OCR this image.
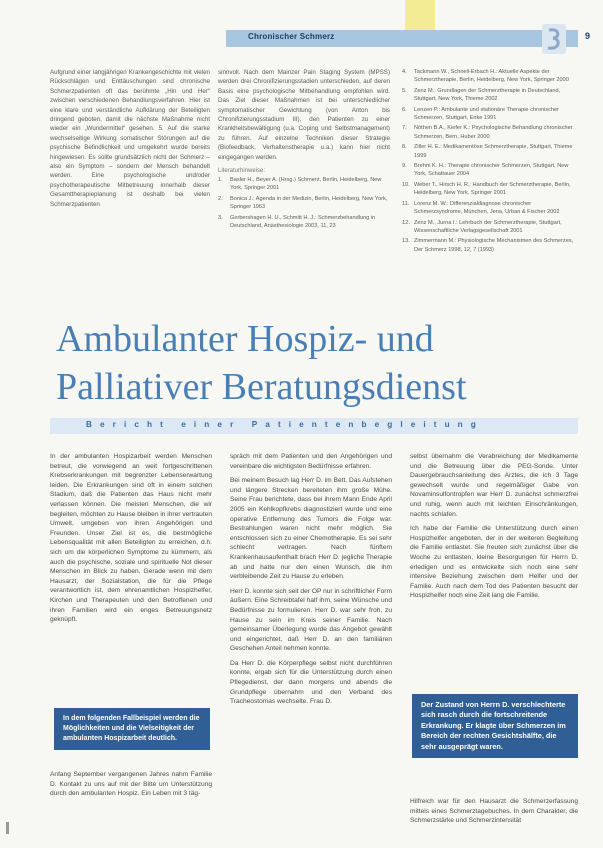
Chronischer Schmerz	9
Aufgrund einer langjährigen Krankengeschichte mit vielen Rückschlägen und Enttäuschungen sind chronische Schmerzpatienten oft das berühmte „Hin und Her“ zwischen verschiedenen Behandlungsverfahren. Hier ist eine klare und verständliche Aufklärung der Beteiligten dringend geboten, damit die nächste Maßnahme nicht wieder ein „Wundermittel“ gesehen. 5. Auf die starke wechselseitige Wirkung somatischer Störungen auf die psychische Befindlichkeit und umgekehrt wurde bereits hingewiesen. Es sollte grundsätzlich nicht der Schmerz – also ein Symptom – sondern der Mensch behandelt werden. Eine psychologische und/oder psychotherapeutische Mitbetreuung innerhalb dieser Gesamttherapieplanung ist deshalb bei vielen Schmerzpatienten
sinnvoll. Nach dem Mainzer Pain Staging System (MPSS) werden drei Chronifizierungsstadien unterschieden, auf deren Basis eine psychologische Mitbehandlung empfohlen wird. Das Ziel dieser Maßnahmen ist bei unterschiedlicher symptomatischer Gewichtung (von Anton bis Chronifizierungsstadium III), den Patienten zu einer Krankheitsbewältigung (u.a. Coping und Selbstmanagement) zu führen. Auf einzelne Techniken dieser Strategie (Biofeedback, Verhaltenstherapie u.a.) kann hier nicht eingegangen werden.
Literaturhinweise:
1.	Basler H., Beyer A. (Hrsg.) Schmerz, Berlin, Heidelberg, New York, Springer 2001
2.	Bonica J.: Agenda in der Medizin, Berlin, Heidelberg, New York, Springer 1963
3.	Gerbershagen H. U., Schmitt H. J.: Schmerzbehandlung in Deutschland, Anästhesiologie 2003, 11, 23
4.	Tackmann W., Schnell-Erbach H.: Aktuelle Aspekte der Schmerztherapie, Berlin, Heidelberg, New York, Springer 2000
5.	Zenz M.: Grundlagen der Schmerztherapie in Deutschland, Stuttgart, New York, Thieme 2002
6.	Lenzen P.: Ambulante und stationäre Therapie chronischer Schmerzen, Stuttgart, Enke 1991
7.	Nöthen B.A., Kiefer K.: Psychologische Behandlung chronischer Schmerzen, Bern, Huber 2000
8.	Ziller H. E.: Medikamentöse Schmerztherapie, Stuttgart, Thieme 1999
9.	Brehm K. H.: Therapie chronischer Schmerzen, Stuttgart, New York, Schattauer 2004
10. Weber T., Hirsch H. R.: Handbuch der Schmerztherapie, Berlin, Heidelberg, New York, Springer 2001
11. Lorenz M. W.: Differenzialdiagnose chronischer Schmerzsyndrome, München, Jena, Urban & Fischer 2002
12. Zenz M., Jurna I.: Lehrbuch der Schmerztherapie, Stuttgart, Wissenschaftliche Verlagsgesellschaft 2001
13. Zimmermann M.: Physiologische Mechanismen des Schmerzes, Der Schmerz 1998, 12, 7 (1993)
Ambulanter Hospiz- und
Palliativer Beratungsdienst
Bericht einer Patientenbegleitung

In der ambulanten Hospizarbeit werden Menschen betreut, die vorwiegend an weit fortgeschrittenen Krebserkrankungen mit begrenzter Lebenserwartung leiden. Die Erkrankungen sind oft in einem solchen Stadium, daß die Patienten das Haus nicht mehr verlassen können. Die meisten Menschen, die wir begleiten, möchten zu Hause bleiben in ihrer vertrauten Umwelt, umgeben von ihren Angehörigen und Freunden. Unser Ziel ist es, die bestmögliche Lebensqualität mit allen Beteiligten zu erreichen, d.h. sich um die körperlichen Symptome zu kümmern, als auch die psychische, soziale und spirituelle Not dieser Menschen im Blick zu haben. Gerade wenn mit dem Hausarzt, der Sozialstation, die für die Pflege verantwortlich ist, dem ehrenamtlichen Hospizhelfer, Kirchen und Therapeuten und den Betroffenen und ihren Familien wird ein enges Betreuungsnetz geknüpft.

In dem folgenden Fallbeispiel werden die Möglichkeiten und die Vielseitigkeit der ambulanten Hospizarbeit deutlich.

Anfang September vergangenen Jahres nahm Familie D. Kontakt zu uns auf mit der Bitte um Unterstützung durch den ambulanten Hospiz. Ein Leben mit 3 täg-

spräch mit dem Patienten und den Angehörigen und vereinbare die wichtigsten Bedürfnisse erfahren.

Bei meinem Besuch lag Herr D. im Bett. Das Aufstehen und längere Strecken bereiteten ihm große Mühe. Seine Frau berichtete, dass bei ihrem Mann Ende April 2005 ein Kehlkopfkrebs diagnostiziert wurde und eine operative Entfernung des Tumors die Folge war. Bestrahlungen waren nicht mehr möglich. Sie entschlossen sich zu einer Chemotherapie. Es sei sehr schlecht vertragen. Nach fünftem Krankenhausaufenthalt brach Herr D. jegliche Therapie ab und hatte nur den einen Wunsch, die ihm verbleibende Zeit zu Hause zu erleben.

Herr D. konnte sich seit der OP nur in schriftlicher Form äußern. Eine Schreibtafel half ihm, seine Wünsche und Bedürfnisse zu formulieren. Herr D. war sehr froh, zu Hause zu sein im Kreis seiner Familie. Nach gemeinsamer Überlegung wurde das Angebot gewählt und eingerichtet, daß Herr D. an den familiären Geschehen Anteil nehmen konnte.

Da Herr D. die Körperpflege selbst nicht durchführen konnte, ergab sich für die Unterstützung durch einen Pflegedienst, der dann morgens und abends die Grundpflege übernahm und den Verband des Tracheostomas wechselte. Frau D.

selbst übernahm die Verabreichung der Medikamente und die Betreuung über die PEG-Sonde. Unter Dauergebrauchsanleitung des Arztes, die ich 3 Tage gewechselt wurde und regelmäßiger Gabe von Novaminsulfontropfen war Herr D. zunächst schmerzfrei und ruhig, wenn auch mit leichten Einschränkungen, nachts schlafen.

Ich habe der Familie die Unterstützung durch einen Hospizhelfer angeboten, der in der weiteren Begleitung die Familie entlastet. Sie freuten sich zunächst über die Woche zu entlasten, kleine Besorgungen für Herrn D. erledigen und es entwickelte sich noch eine sehr intensive Beziehung zwischen dem Helfer und der Familie. Auch nach dem Tod des Patienten besucht der Hospizhelfer noch eine Zeit lang die Familie.

Der Zustand von Herrn D. verschlechterte sich rasch durch die fortschreitende Erkrankung. Er klagte über Schmerzen im Bereich der rechten Gesichtshälfte, die sehr ausgeprägt waren.

Hilfreich war für den Hausarzt die Schmerzerfassung mittels eines Schmerztagebuches. In dem Charakter, die Schmerzstärke und Schmerzintensität
